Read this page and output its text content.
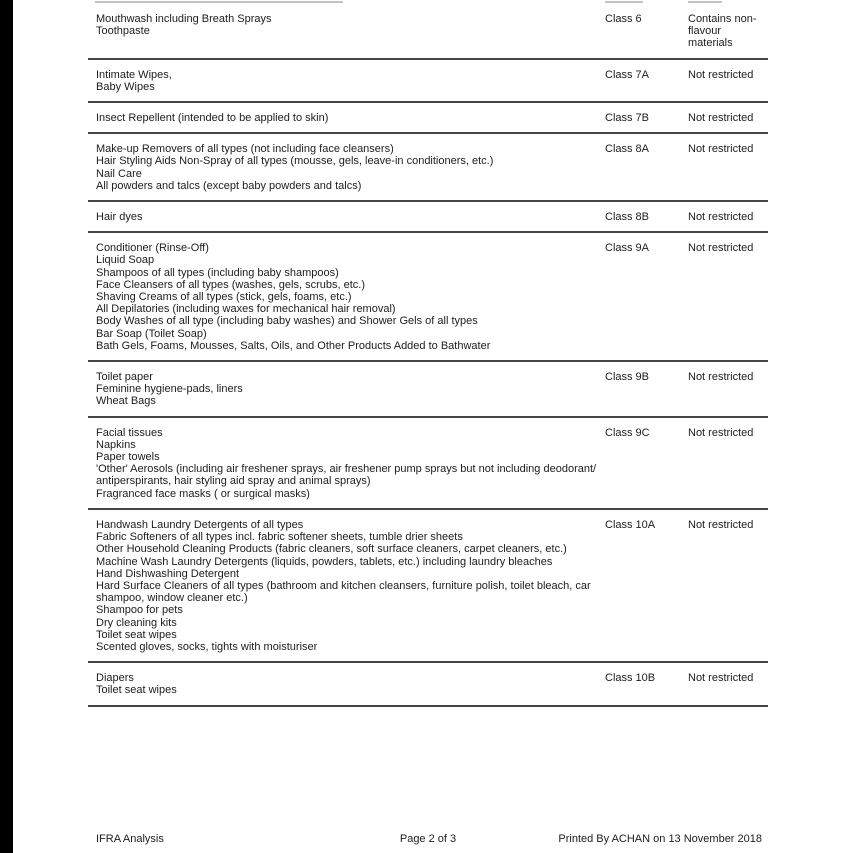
Mouthwash including Breath Sprays
Toothpaste
Class 6	Contains non-flavour materials
Intimate Wipes,
Baby Wipes
Class 7A	Not restricted
Insect Repellent (intended to be applied to skin)	Class 7B	Not restricted
Make-up Removers of all types (not including face cleansers)
Hair Styling Aids Non-Spray of all types (mousse, gels, leave-in conditioners, etc.)
Nail Care
All powders and talcs (except baby powders and talcs)
Class 8A	Not restricted
Hair dyes	Class 8B	Not restricted
Conditioner (Rinse-Off)
Liquid Soap
Shampoos of all types (including baby shampoos)
Face Cleansers of all types (washes, gels, scrubs, etc.)
Shaving Creams of all types (stick, gels, foams, etc.)
All Depilatories (including waxes for mechanical hair removal)
Body Washes of all type (including baby washes) and Shower Gels of all types
Bar Soap (Toilet Soap)
Bath Gels, Foams, Mousses, Salts, Oils, and Other Products Added to Bathwater
Class 9A	Not restricted
Toilet paper
Feminine hygiene-pads, liners
Wheat Bags
Class 9B	Not restricted
Facial tissues
Napkins
Paper towels
'Other' Aerosols (including air freshener sprays, air freshener pump sprays but not including deodorant/ antiperspirants, hair styling aid spray and animal sprays)
Fragranced face masks ( or surgical masks)
Class 9C	Not restricted
Handwash Laundry Detergents of all types
Fabric Softeners of all types incl. fabric softener sheets, tumble drier sheets
Other Household Cleaning Products (fabric cleaners, soft surface cleaners, carpet cleaners, etc.)
Machine Wash Laundry Detergents (liquids, powders, tablets, etc.) including laundry bleaches
Hand Dishwashing Detergent
Hard Surface Cleaners of all types (bathroom and kitchen cleansers, furniture polish, toilet bleach, car shampoo, window cleaner etc.)
Shampoo for pets
Dry cleaning kits
Toilet seat wipes
Scented gloves, socks, tights with moisturiser
Class 10A	Not restricted
Diapers
Toilet seat wipes
Class 10B	Not restricted
IFRA Analysis	Page 2 of 3	Printed By ACHAN on 13 November 2018
